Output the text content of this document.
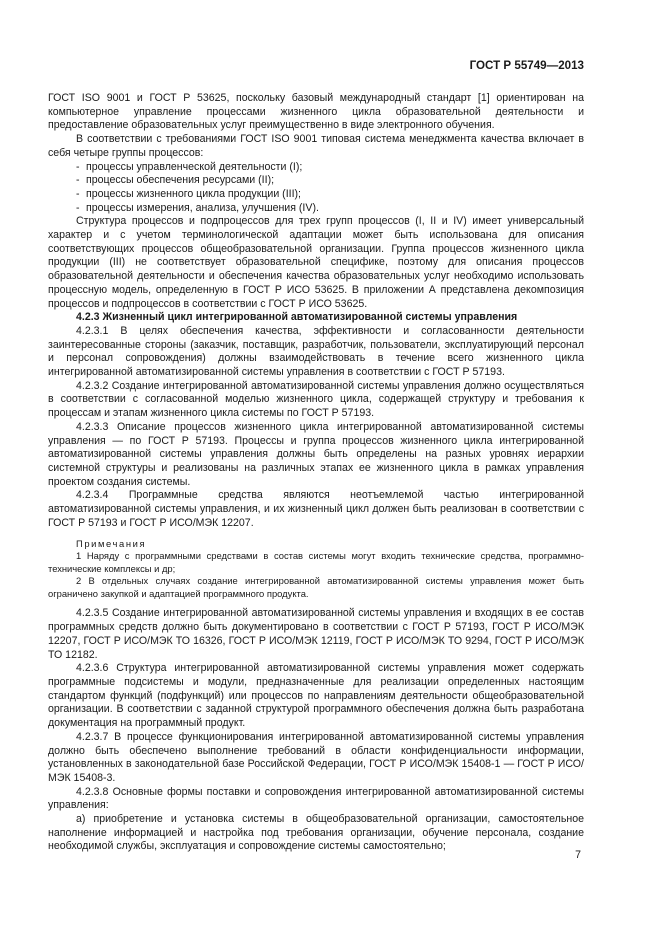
ГОСТ Р 55749—2013

ГОСТ ISO 9001 и ГОСТ Р 53625, поскольку базовый международный стандарт [1] ориентирован на компьютерное управление процессами жизненного цикла образовательной деятельности и предоставление образовательных услуг преимущественно в виде электронного обучения.

В соответствии с требованиями ГОСТ ISO 9001 типовая система менеджмента качества включает в себя четыре группы процессов:

- процессы управленческой деятельности (I);

- процессы обеспечения ресурсами (II);

- процессы жизненного цикла продукции (III);

- процессы измерения, анализа, улучшения (IV).

Структура процессов и подпроцессов для трех групп процессов (I, II и IV) имеет универсальный характер и с учетом терминологической адаптации может быть использована для описания соответствующих процессов общеобразовательной организации. Группа процессов жизненного цикла продукции (III) не соответствует образовательной специфике, поэтому для описания процессов образовательной деятельности и обеспечения качества образовательных услуг необходимо использовать процессную модель, определенную в ГОСТ Р ИСО 53625. В приложении А представлена декомпозиция процессов и подпроцессов в соответствии с ГОСТ Р ИСО 53625.

4.2.3 Жизненный цикл интегрированной автоматизированной системы управления

4.2.3.1 В целях обеспечения качества, эффективности и согласованности деятельности заинтересованные стороны (заказчик, поставщик, разработчик, пользователи, эксплуатирующий персонал и персонал сопровождения) должны взаимодействовать в течение всего жизненного цикла интегрированной автоматизированной системы управления в соответствии с ГОСТ Р 57193.

4.2.3.2 Создание интегрированной автоматизированной системы управления должно осуществляться в соответствии с согласованной моделью жизненного цикла, содержащей структуру и требования к процессам и этапам жизненного цикла системы по ГОСТ Р 57193.

4.2.3.3 Описание процессов жизненного цикла интегрированной автоматизированной системы управления — по ГОСТ Р 57193. Процессы и группа процессов жизненного цикла интегрированной автоматизированной системы управления должны быть определены на разных уровнях иерархии системной структуры и реализованы на различных этапах ее жизненного цикла в рамках управления проектом создания системы.

4.2.3.4 Программные средства являются неотъемлемой частью интегрированной автоматизированной системы управления, и их жизненный цикл должен быть реализован в соответствии с ГОСТ Р 57193 и ГОСТ Р ИСО/МЭК 12207.

Примечания

1 Наряду с программными средствами в состав системы могут входить технические средства, программно-технические комплексы и др;

2 В отдельных случаях создание интегрированной автоматизированной системы управления может быть ограничено закупкой и адаптацией программного продукта.

4.2.3.5 Создание интегрированной автоматизированной системы управления и входящих в ее состав программных средств должно быть документировано в соответствии с ГОСТ Р 57193, ГОСТ Р ИСО/МЭК 12207, ГОСТ Р ИСО/МЭК ТО 16326, ГОСТ Р ИСО/МЭК 12119, ГОСТ Р ИСО/МЭК ТО 9294, ГОСТ Р ИСО/МЭК ТО 12182.

4.2.3.6 Структура интегрированной автоматизированной системы управления может содержать программные подсистемы и модули, предназначенные для реализации определенных настоящим стандартом функций (подфункций) или процессов по направлениям деятельности общеобразовательной организации. В соответствии с заданной структурой программного обеспечения должна быть разработана документация на программный продукт.

4.2.3.7 В процессе функционирования интегрированной автоматизированной системы управления должно быть обеспечено выполнение требований в области конфиденциальности информации, установленных в законодательной базе Российской Федерации, ГОСТ Р ИСО/МЭК 15408-1 — ГОСТ Р ИСО/МЭК 15408-3.

4.2.3.8 Основные формы поставки и сопровождения интегрированной автоматизированной системы управления:

а) приобретение и установка системы в общеобразовательной организации, самостоятельное наполнение информацией и настройка под требования организации, обучение персонала, создание необходимой службы, эксплуатация и сопровождение системы самостоятельно;

7
